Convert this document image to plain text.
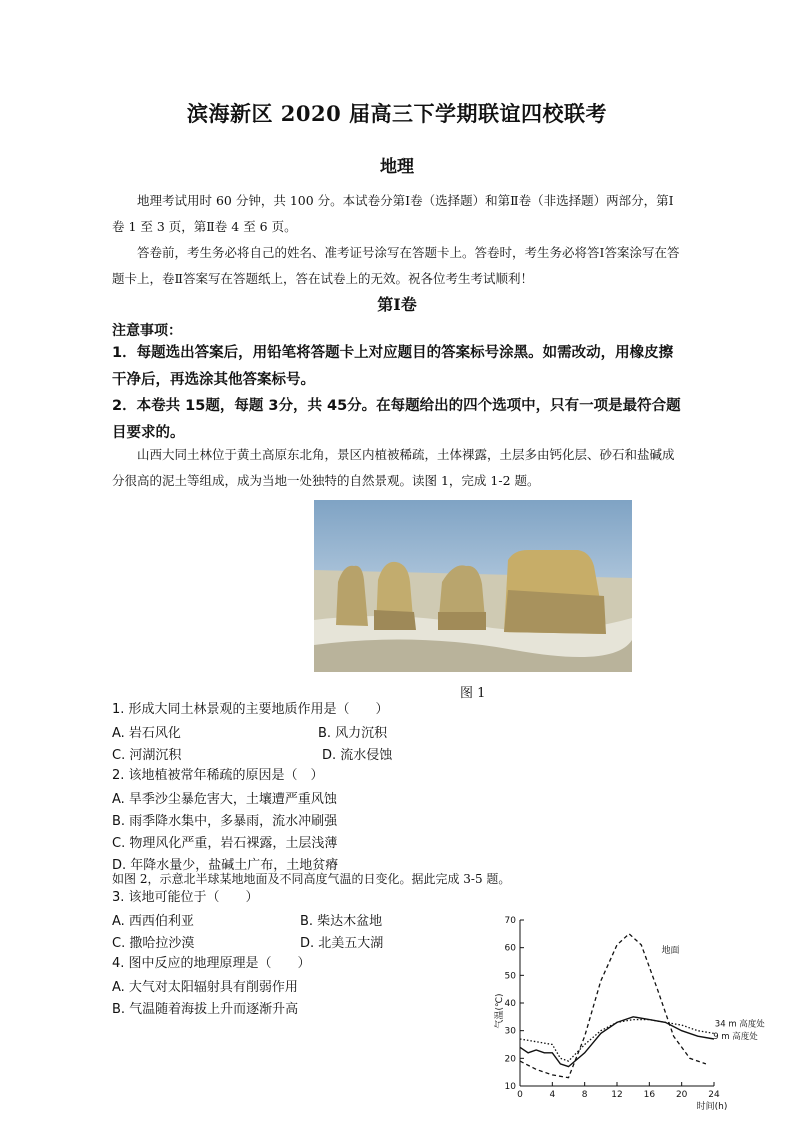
滨海新区 2020 届高三下学期联谊四校联考
地理
地理考试用时 60 分钟，共 100 分。本试卷分第Ⅰ卷（选择题）和第Ⅱ卷（非选择题）两部分，第Ⅰ卷 1 至 3 页，第Ⅱ卷 4 至 6 页。
答卷前，考生务必将自己的姓名、准考证号涂写在答题卡上。答卷时，考生务必将答Ⅰ答案涂写在答题卡上，卷Ⅱ答案写在答题纸上，答在试卷上的无效。祝各位考生考试顺利！
第Ⅰ卷
注意事项：
1．每题选出答案后，用铅笔将答题卡上对应题目的答案标号涂黑。如需改动，用橡皮擦干净后，再选涂其他答案标号。
2．本卷共 15题，每题 3分，共 45分。在每题给出的四个选项中，只有一项是最符合题目要求的。
山西大同土林位于黄土高原东北角，景区内植被稀疏，土体裸露，土层多由钙化层、砂石和盐碱成分很高的泥土等组成，成为当地一处独特的自然景观。读图 1，完成 1-2 题。
图 1
1. 形成大同土林景观的主要地质作用是（　　）
A. 岩石风化	B. 风力沉积
C. 河湖沉积	D. 流水侵蚀
2. 该地植被常年稀疏的原因是（　）
A. 旱季沙尘暴危害大，土壤遭严重风蚀
B. 雨季降水集中，多暴雨，流水冲刷强
C. 物理风化严重，岩石裸露，土层浅薄
D. 年降水量少，盐碱土广布，土地贫瘠
如图 2，示意北半球某地地面及不同高度气温的日变化。据此完成 3-5 题。
3. 该地可能位于（　　）
A. 西西伯利亚	B. 柴达木盆地
C. 撒哈拉沙漠	D. 北美五大湖
4. 图中反应的地理原理是（　　）
A. 大气对太阳辐射具有削弱作用
B. 气温随着海拔上升而逐渐升高
10
20
30
40
50
60
70
0	4	8	12 16 20 24
气温(℃)
时间(h)
地面
34 m 高度处
9 m 高度处
